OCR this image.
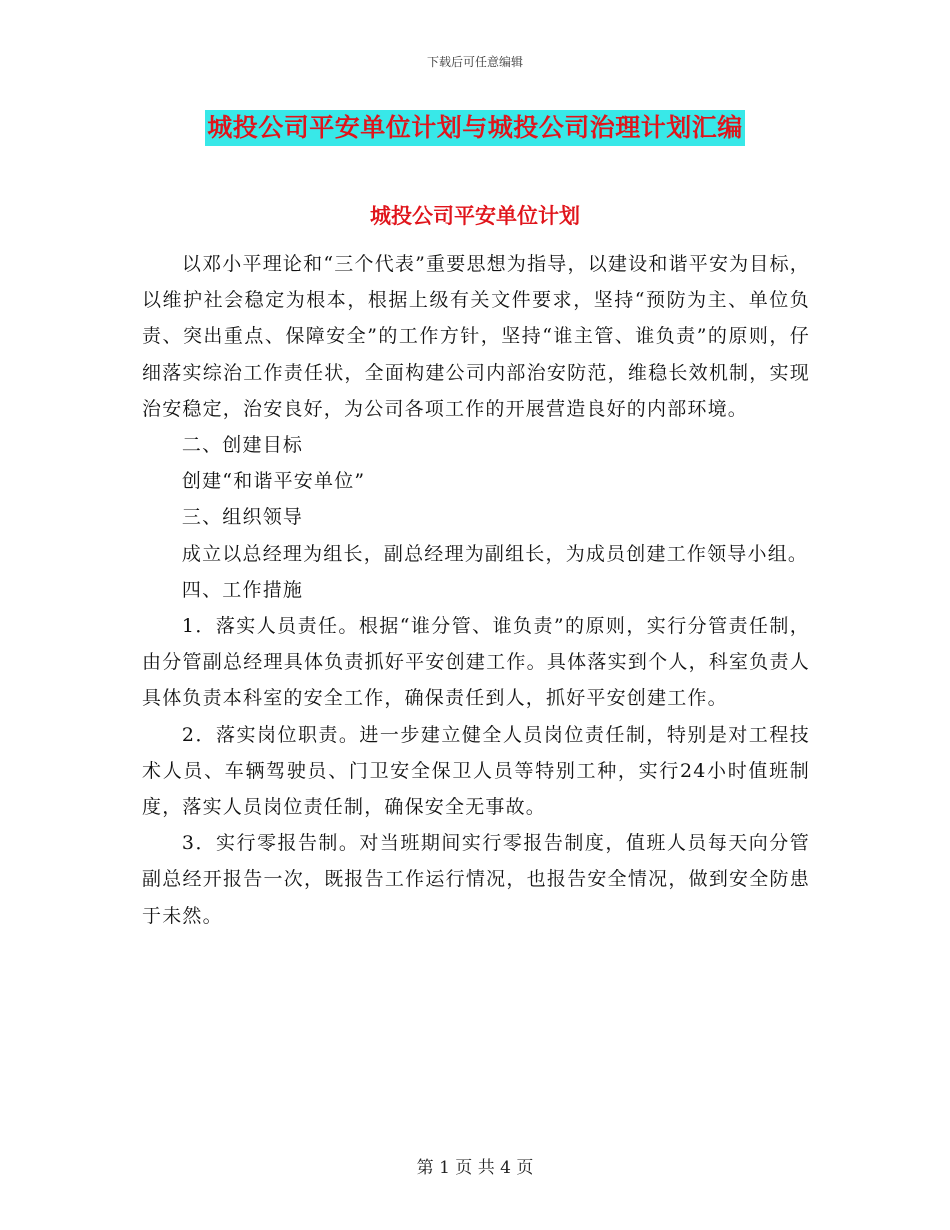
下载后可任意编辑
城投公司平安单位计划与城投公司治理计划汇编
城投公司平安单位计划

以邓小平理论和“三个代表”重要思想为指导，以建设和谐平安为目标，以维护社会稳定为根本，根据上级有关文件要求，坚持“预防为主、单位负责、突出重点、保障安全”的工作方针，坚持“谁主管、谁负责”的原则，仔细落实综治工作责任状，全面构建公司内部治安防范，维稳长效机制，实现治安稳定，治安良好，为公司各项工作的开展营造良好的内部环境。

二、创建目标

创建“和谐平安单位”

三、组织领导

成立以总经理为组长，副总经理为副组长，为成员创建工作领导小组。

四、工作措施

1．落实人员责任。根据“谁分管、谁负责”的原则，实行分管责任制，由分管副总经理具体负责抓好平安创建工作。具体落实到个人，科室负责人具体负责本科室的安全工作，确保责任到人，抓好平安创建工作。

2．落实岗位职责。进一步建立健全人员岗位责任制，特别是对工程技术人员、车辆驾驶员、门卫安全保卫人员等特别工种，实行24小时值班制度，落实人员岗位责任制，确保安全无事故。

3．实行零报告制。对当班期间实行零报告制度，值班人员每天向分管副总经开报告一次，既报告工作运行情况，也报告安全情况，做到安全防患于未然。

第 1 页 共 4 页
